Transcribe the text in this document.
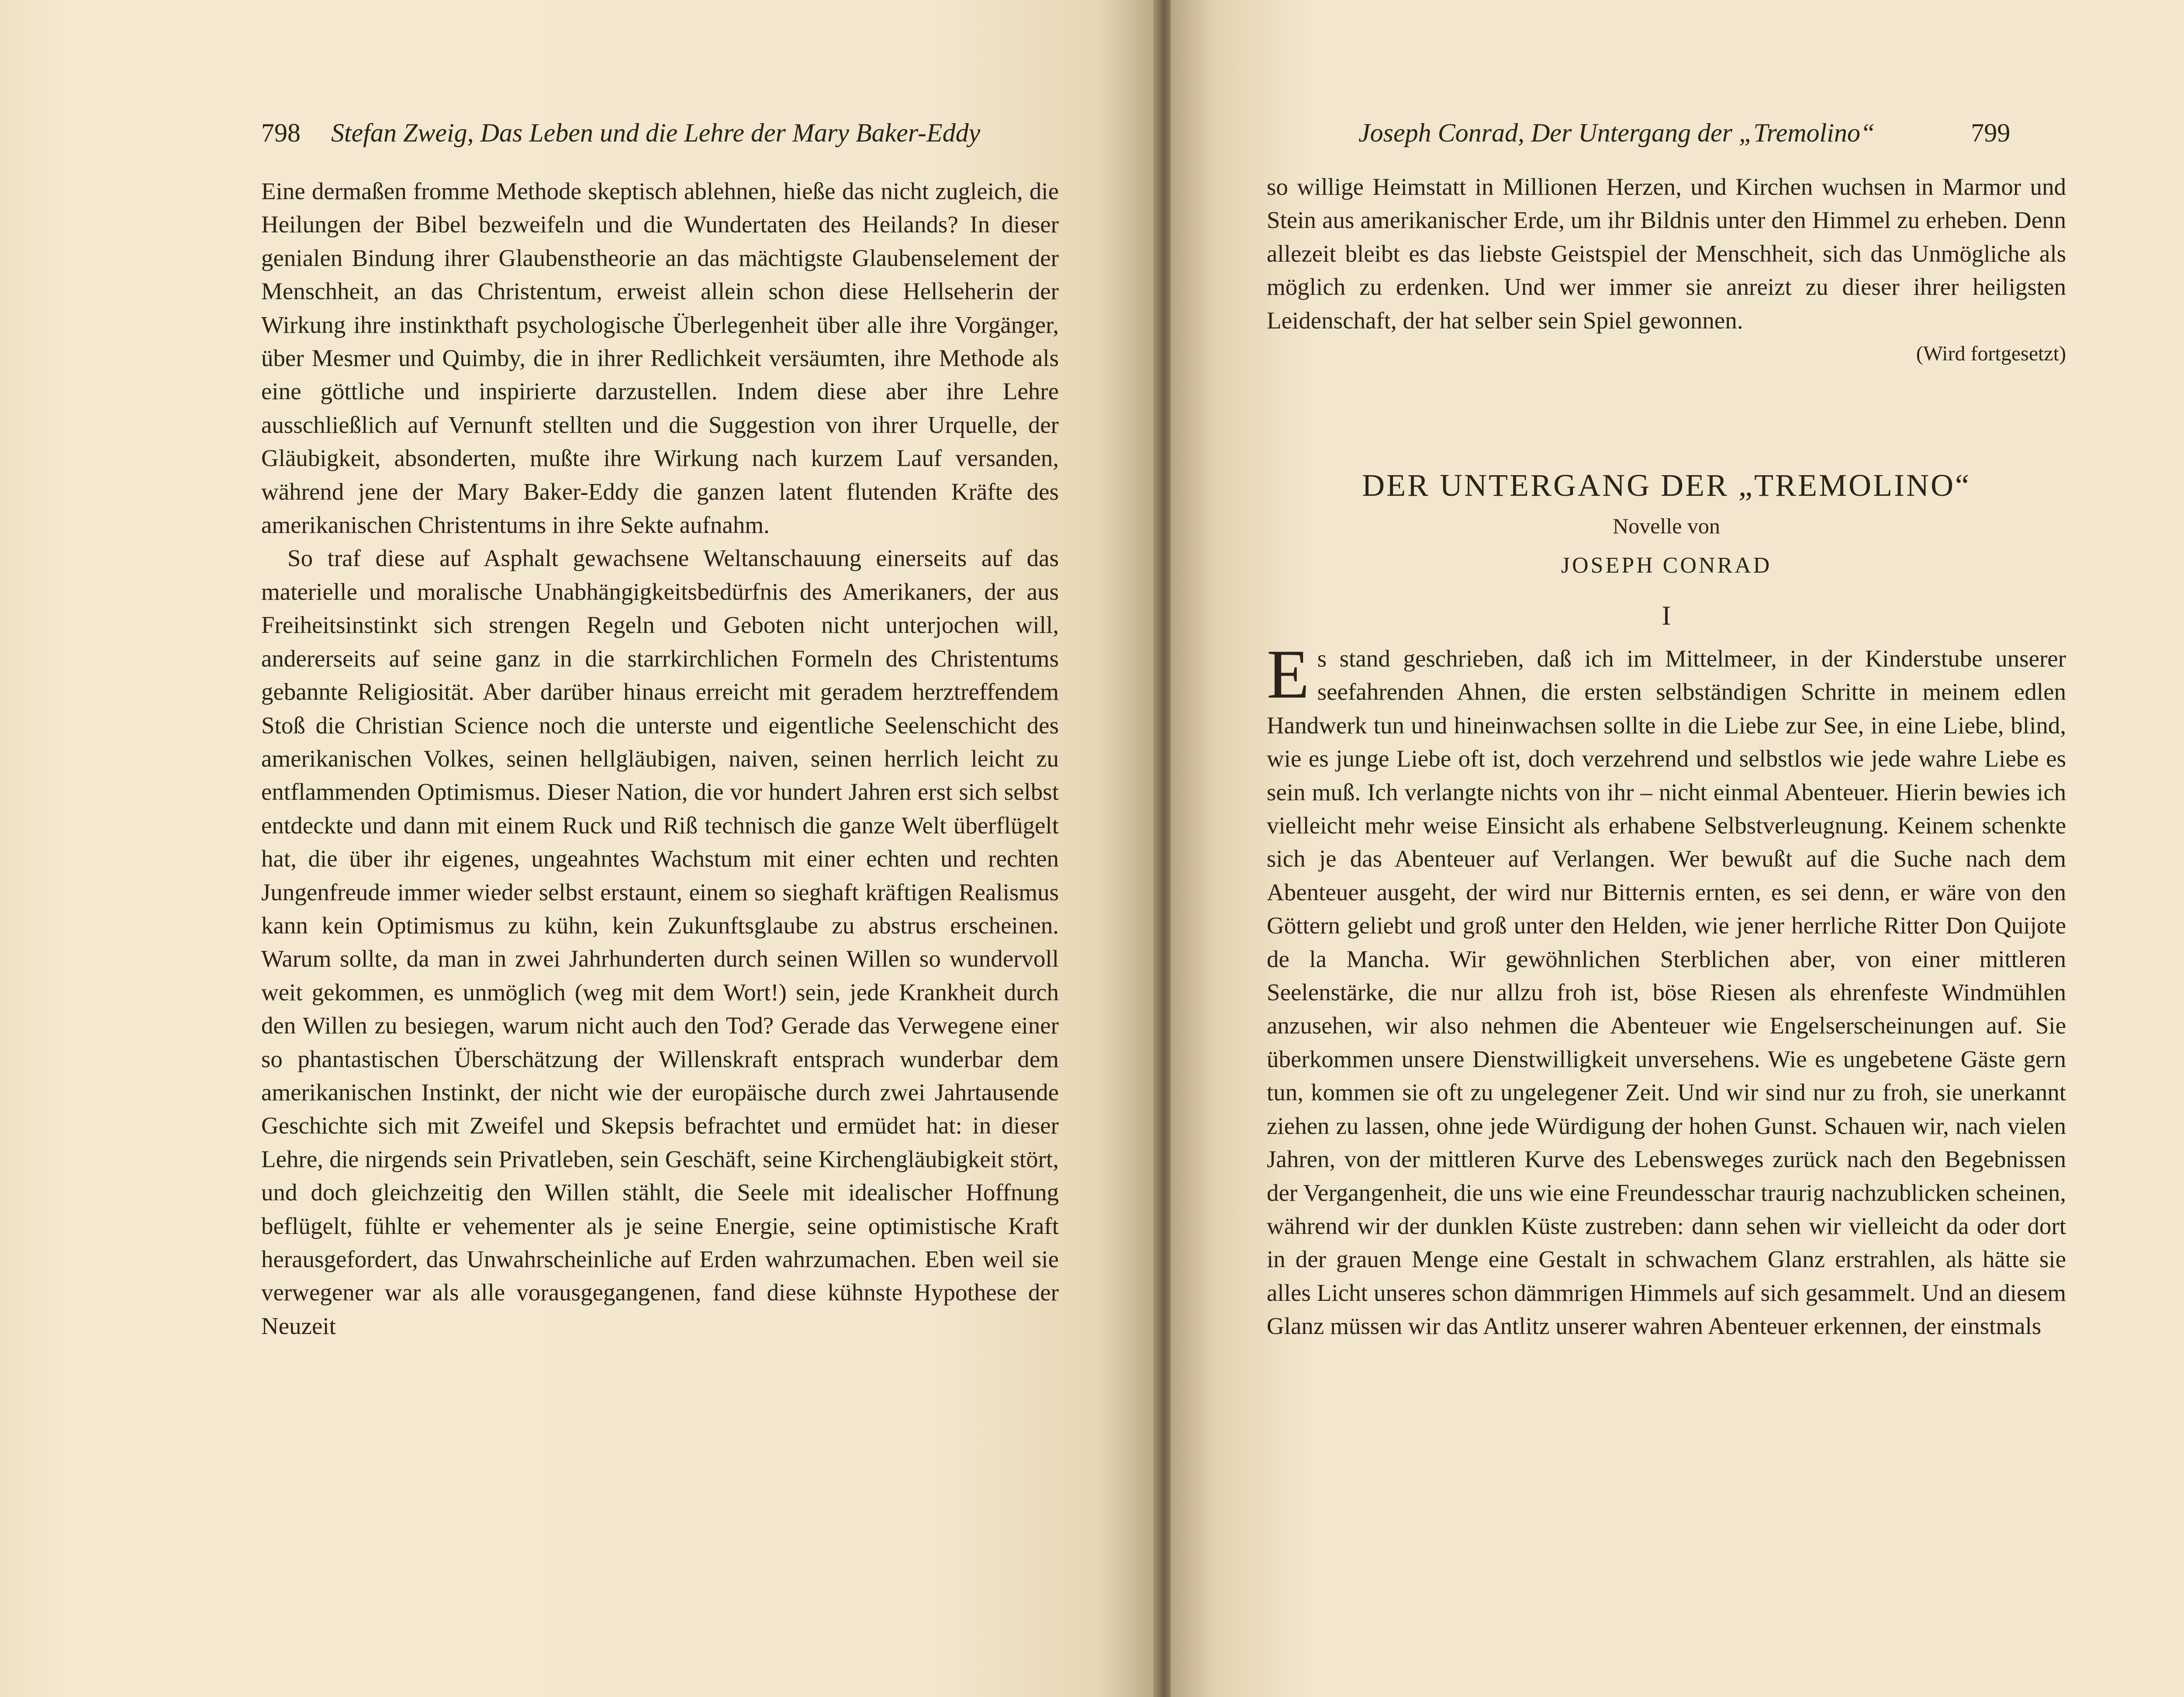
798 Stefan Zweig, Das Leben und die Lehre der Mary Baker-Eddy

Eine dermaßen fromme Methode skeptisch ablehnen, hieße das nicht zugleich, die Heilungen der Bibel bezweifeln und die Wundertaten des Heilands? In dieser genialen Bindung ihrer Glaubenstheorie an das mächtigste Glaubenselement der Menschheit, an das Christentum, erweist allein schon diese Hellseherin der Wirkung ihre instinkthaft psychologische Überlegenheit über alle ihre Vorgänger, über Mesmer und Quimby, die in ihrer Redlichkeit versäumten, ihre Methode als eine göttliche und inspirierte darzustellen. Indem diese aber ihre Lehre ausschließlich auf Vernunft stellten und die Suggestion von ihrer Urquelle, der Gläubigkeit, absonderten, mußte ihre Wirkung nach kurzem Lauf versanden, während jene der Mary Baker-Eddy die ganzen latent flutenden Kräfte des amerikanischen Christentums in ihre Sekte aufnahm.

So traf diese auf Asphalt gewachsene Weltanschauung einerseits auf das materielle und moralische Unabhängigkeitsbedürfnis des Amerikaners, der aus Freiheitsinstinkt sich strengen Regeln und Geboten nicht unterjochen will, andererseits auf seine ganz in die starrkirchlichen Formeln des Christentums gebannte Religiosität. Aber darüber hinaus erreicht mit geradem herztreffendem Stoß die Christian Science noch die unterste und eigentliche Seelenschicht des amerikanischen Volkes, seinen hellgläubigen, naiven, seinen herrlich leicht zu entflammenden Optimismus. Dieser Nation, die vor hundert Jahren erst sich selbst entdeckte und dann mit einem Ruck und Riß technisch die ganze Welt überflügelt hat, die über ihr eigenes, ungeahntes Wachstum mit einer echten und rechten Jungenfreude immer wieder selbst erstaunt, einem so sieghaft kräftigen Realismus kann kein Optimismus zu kühn, kein Zukunftsglaube zu abstrus erscheinen. Warum sollte, da man in zwei Jahrhunderten durch seinen Willen so wundervoll weit gekommen, es unmöglich (weg mit dem Wort!) sein, jede Krankheit durch den Willen zu besiegen, warum nicht auch den Tod? Gerade das Verwegene einer so phantastischen Überschätzung der Willenskraft entsprach wunderbar dem amerikanischen Instinkt, der nicht wie der europäische durch zwei Jahrtausende Geschichte sich mit Zweifel und Skepsis befrachtet und ermüdet hat: in dieser Lehre, die nirgends sein Privatleben, sein Geschäft, seine Kirchengläubigkeit stört, und doch gleichzeitig den Willen stählt, die Seele mit idealischer Hoffnung beflügelt, fühlte er vehementer als je seine Energie, seine optimistische Kraft herausgefordert, das Unwahrscheinliche auf Erden wahrzumachen. Eben weil sie verwegener war als alle vorausgegangenen, fand diese kühnste Hypothese der Neuzeit

Joseph Conrad, Der Untergang der „Tremolino“	799

so willige Heimstatt in Millionen Herzen, und Kirchen wuchsen in Marmor und Stein aus amerikanischer Erde, um ihr Bildnis unter den Himmel zu erheben. Denn allezeit bleibt es das liebste Geistspiel der Menschheit, sich das Unmögliche als möglich zu erdenken. Und wer immer sie anreizt zu dieser ihrer heiligsten Leidenschaft, der hat selber sein Spiel gewonnen.

(Wird fortgesetzt)

DER UNTERGANG DER „TREMOLINO“
Novelle von
JOSEPH CONRAD
I
E s stand geschrieben, daß ich im Mittelmeer, in der Kinderstube unserer seefahrenden Ahnen, die ersten selbständigen Schritte in meinem edlen Handwerk tun und hineinwachsen sollte in die Liebe zur See, in eine Liebe, blind, wie es junge Liebe oft ist, doch verzehrend und selbstlos wie jede wahre Liebe es sein muß. Ich verlangte nichts von ihr – nicht einmal Abenteuer. Hierin bewies ich vielleicht mehr weise Einsicht als erhabene Selbstverleugnung. Keinem schenkte sich je das Abenteuer auf Verlangen. Wer bewußt auf die Suche nach dem Abenteuer ausgeht, der wird nur Bitternis ernten, es sei denn, er wäre von den Göttern geliebt und groß unter den Helden, wie jener herrliche Ritter Don Quijote de la Mancha. Wir gewöhnlichen Sterblichen aber, von einer mittleren Seelenstärke, die nur allzu froh ist, böse Riesen als ehrenfeste Windmühlen anzusehen, wir also nehmen die Abenteuer wie Engelserscheinungen auf. Sie überkommen unsere Dienstwilligkeit unversehens. Wie es ungebetene Gäste gern tun, kommen sie oft zu ungelegener Zeit. Und wir sind nur zu froh, sie unerkannt ziehen zu lassen, ohne jede Würdigung der hohen Gunst. Schauen wir, nach vielen Jahren, von der mittleren Kurve des Lebensweges zurück nach den Begebnissen der Vergangenheit, die uns wie eine Freundesschar traurig nachzublicken scheinen, während wir der dunklen Küste zustreben: dann sehen wir vielleicht da oder dort in der grauen Menge eine Gestalt in schwachem Glanz erstrahlen, als hätte sie alles Licht unseres schon dämmrigen Himmels auf sich gesammelt. Und an diesem Glanz müssen wir das Antlitz unserer wahren Abenteuer erkennen, der einstmals
